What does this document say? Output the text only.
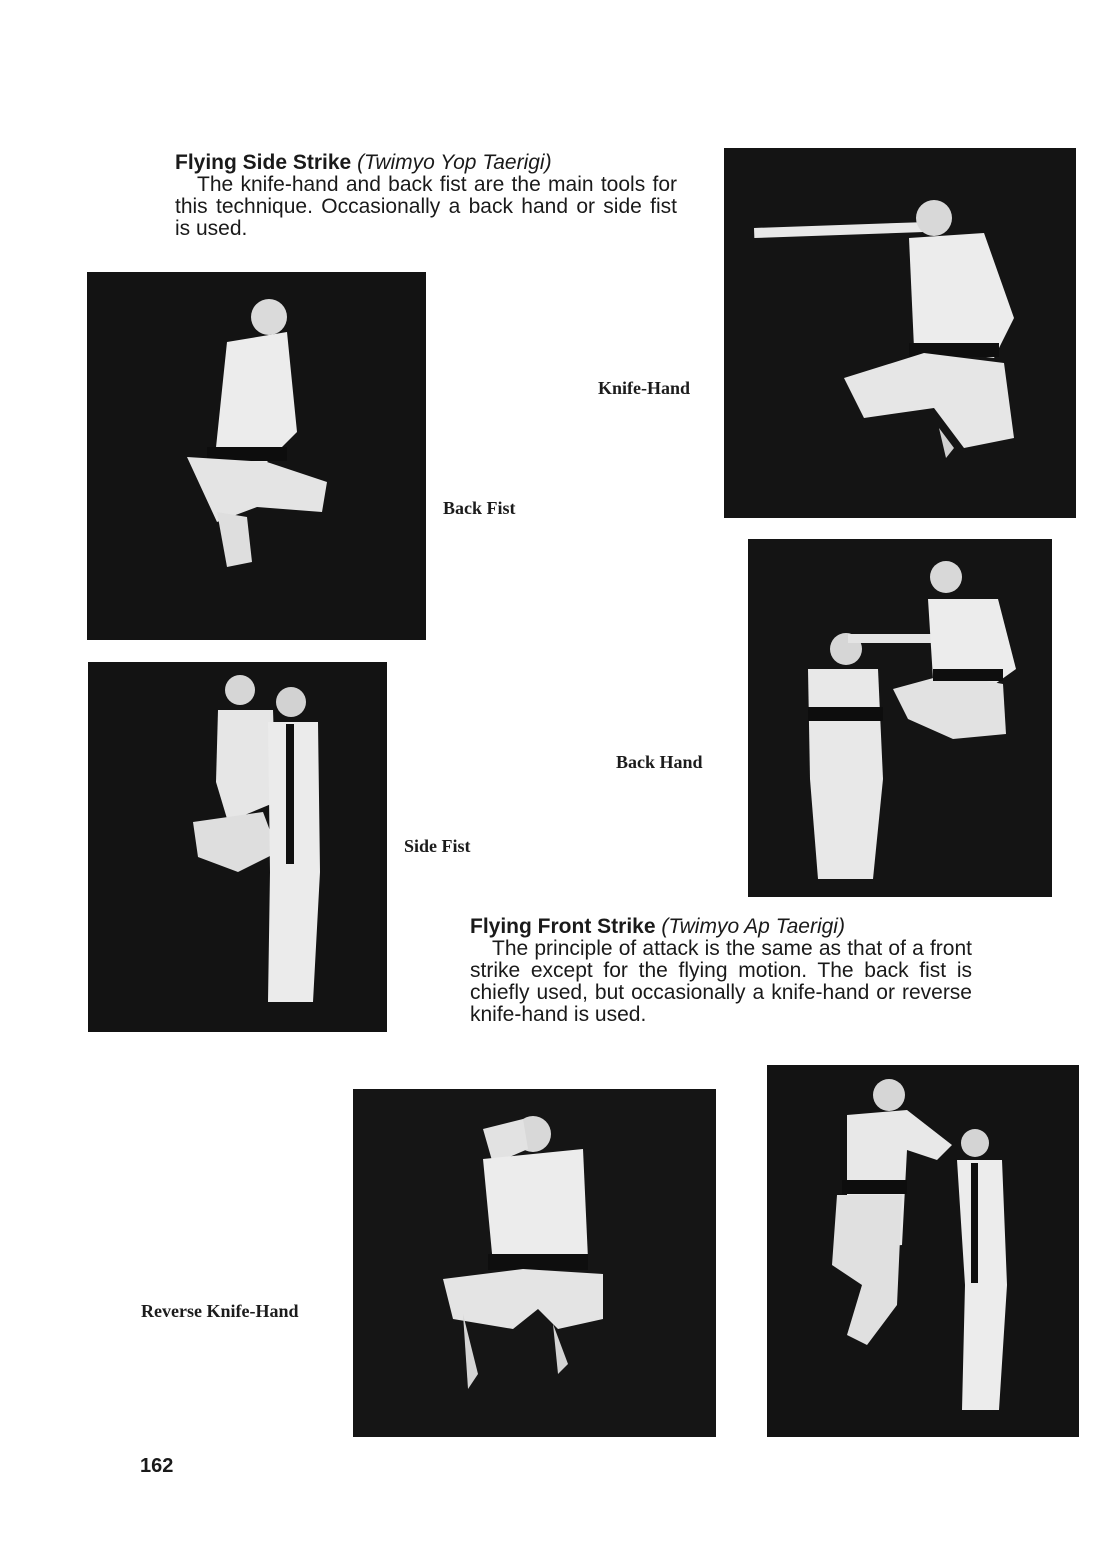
Flying Side Strike (Twimyo Yop Taerigi)

The knife-hand and back fist are the main tools for this technique. Occasionally a back hand or side fist is used.

Knife-Hand
Back Fist
Back Hand
Side Fist
Flying Front Strike (Twimyo Ap Taerigi)

The principle of attack is the same as that of a front strike except for the flying motion. The back fist is chiefly used, but occasionally a knife-hand or reverse knife-hand is used.

Reverse Knife-Hand
162
